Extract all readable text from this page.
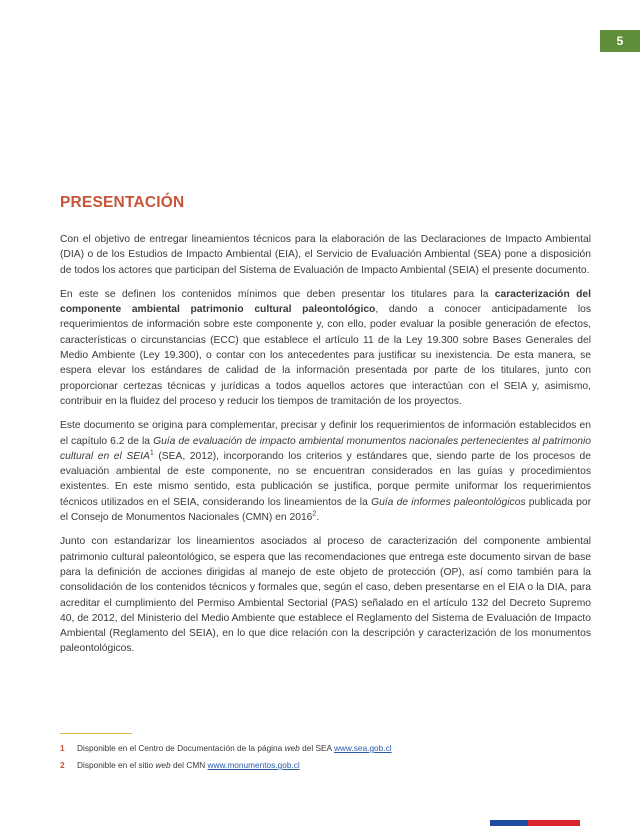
5
PRESENTACIÓN

Con el objetivo de entregar lineamientos técnicos para la elaboración de las Declaraciones de Impacto Ambiental (DIA) o de los Estudios de Impacto Ambiental (EIA), el Servicio de Evaluación Ambiental (SEA) pone a disposición de todos los actores que participan del Sistema de Evaluación de Impacto Ambiental (SEIA) el presente documento.

En este se definen los contenidos mínimos que deben presentar los titulares para la caracterización del componente ambiental patrimonio cultural paleontológico, dando a conocer anticipadamente los requerimientos de información sobre este componente y, con ello, poder evaluar la posible generación de efectos, características o circunstancias (ECC) que establece el artículo 11 de la Ley 19.300 sobre Bases Generales del Medio Ambiente (Ley 19.300), o contar con los antecedentes para justificar su inexistencia. De esta manera, se espera elevar los estándares de calidad de la información presentada por parte de los titulares, junto con proporcionar certezas técnicas y jurídicas a todos aquellos actores que interactúan con el SEIA y, asimismo, contribuir en la fluidez del proceso y reducir los tiempos de tramitación de los proyectos.

Este documento se origina para complementar, precisar y definir los requerimientos de información establecidos en el capítulo 6.2 de la Guía de evaluación de impacto ambiental monumentos nacionales pertenecientes al patrimonio cultural en el SEIA$^1$ (SEA, 2012), incorporando los criterios y estándares que, siendo parte de los procesos de evaluación ambiental de este componente, no se encuentran considerados en las guías y procedimientos existentes. En este mismo sentido, esta publicación se justifica, porque permite uniformar los requerimientos técnicos utilizados en el SEIA, considerando los lineamientos de la Guía de informes paleontológicos publicada por el Consejo de Monumentos Nacionales (CMN) en 2016$^2$.

Junto con estandarizar los lineamientos asociados al proceso de caracterización del componente ambiental patrimonio cultural paleontológico, se espera que las recomendaciones que entrega este documento sirvan de base para la definición de acciones dirigidas al manejo de este objeto de protección (OP), así como también para la consolidación de los contenidos técnicos y formales que, según el caso, deben presentarse en el EIA o la DIA, para acreditar el cumplimiento del Permiso Ambiental Sectorial (PAS) señalado en el artículo 132 del Decreto Supremo 40, de 2012, del Ministerio del Medio Ambiente que establece el Reglamento del Sistema de Evaluación de Impacto Ambiental (Reglamento del SEIA), en lo que dice relación con la descripción y caracterización de los monumentos paleontológicos.

1	Disponible en el Centro de Documentación de la página web del SEA www.sea.gob.cl
2	Disponible en el sitio web del CMN www.monumentos.gob.cl
